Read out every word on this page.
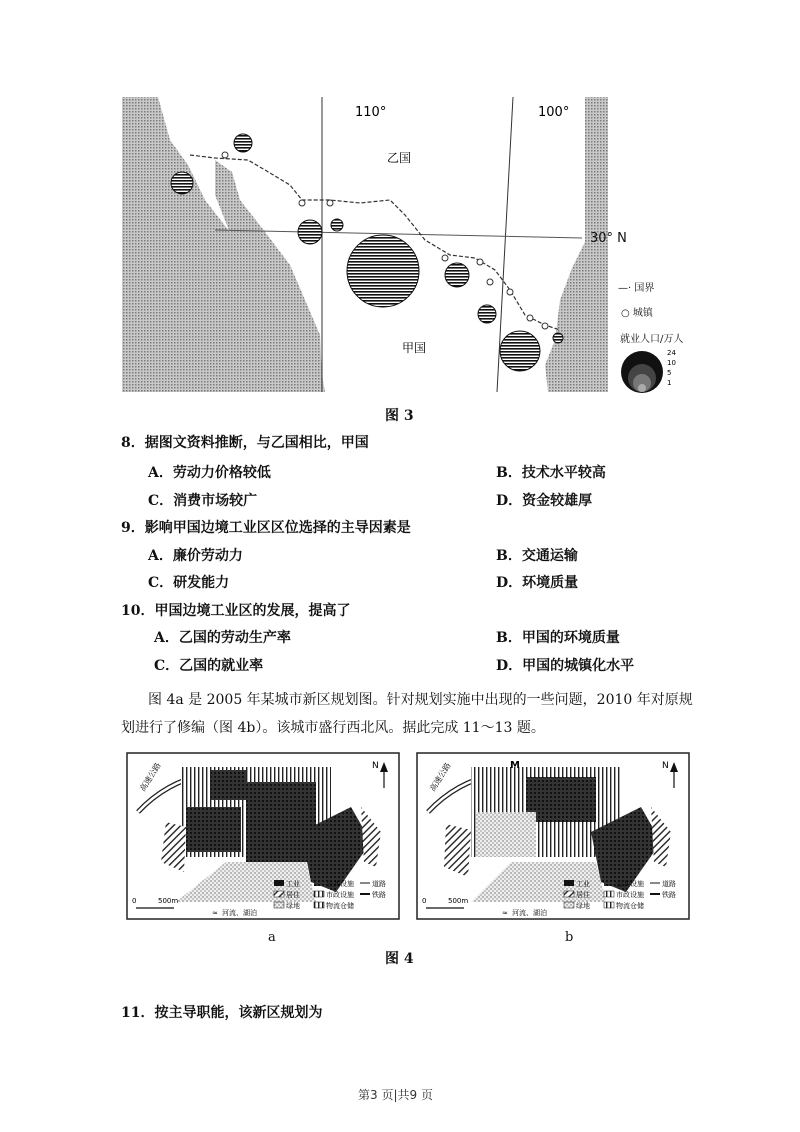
110°	100°
乙国
甲国
30° N
—· 国界
○ 城镇
就业人口/万人
24
10
5
1
图 3
8．据图文资料推断，与乙国相比，甲国
A．劳动力价格较低	B．技术水平较高
C．消费市场较广	D．资金较雄厚
9．影响甲国边境工业区区位选择的主导因素是
A．廉价劳动力	B．交通运输
C．研发能力	D．环境质量
10．甲国边境工业区的发展，提高了
A．乙国的劳动生产率	B．甲国的环境质量
C．乙国的就业率	D．甲国的城镇化水平
图 4a 是 2005 年某城市新区规划图。针对规划实施中出现的一些问题，2010 年对原规
划进行了修编（图 4b）。该城市盛行西北风。据此完成 11～13 题。
M
高速公路	高速公路
N	N
0	500m	0	500m
工业	公共设施	道路
居住	市政设施	铁路
绿地	物流仓储
≈ 河流、湖泊
工业	公共设施	道路
居住	市政设施	铁路
绿地	物流仓储
≈ 河流、湖泊
a	b
图 4
11．按主导职能，该新区规划为
第3 页|共9 页
